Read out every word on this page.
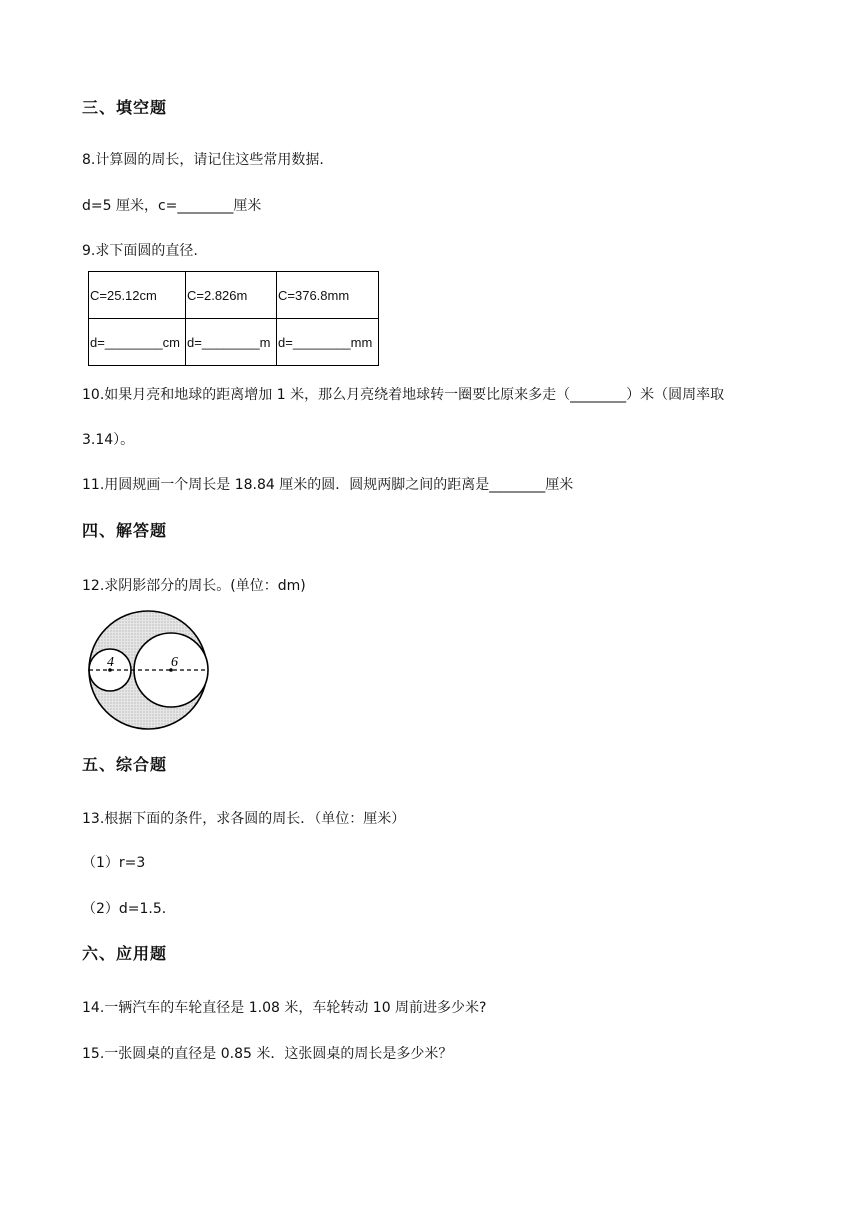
三、填空题
8.计算圆的周长，请记住这些常用数据.
d=5 厘米，c=________厘米
9.求下面圆的直径.
C=25.12cm	C=2.826m	C=376.8mm
d=________cm	d=________m	d=________mm
10.如果月亮和地球的距离增加 1 米，那么月亮绕着地球转一圈要比原来多走（________）米（圆周率取
3.14）。
11.用圆规画一个周长是 18.84 厘米的圆．圆规两脚之间的距离是________厘米
四、解答题
12.求阴影部分的周长。(单位：dm)
4	6
五、综合题
13.根据下面的条件，求各圆的周长．（单位：厘米）
（1）r=3
（2）d=1.5．
六、应用题
14.一辆汽车的车轮直径是 1.08 米，车轮转动 10 周前进多少米?
15.一张圆桌的直径是 0.85 米．这张圆桌的周长是多少米？
